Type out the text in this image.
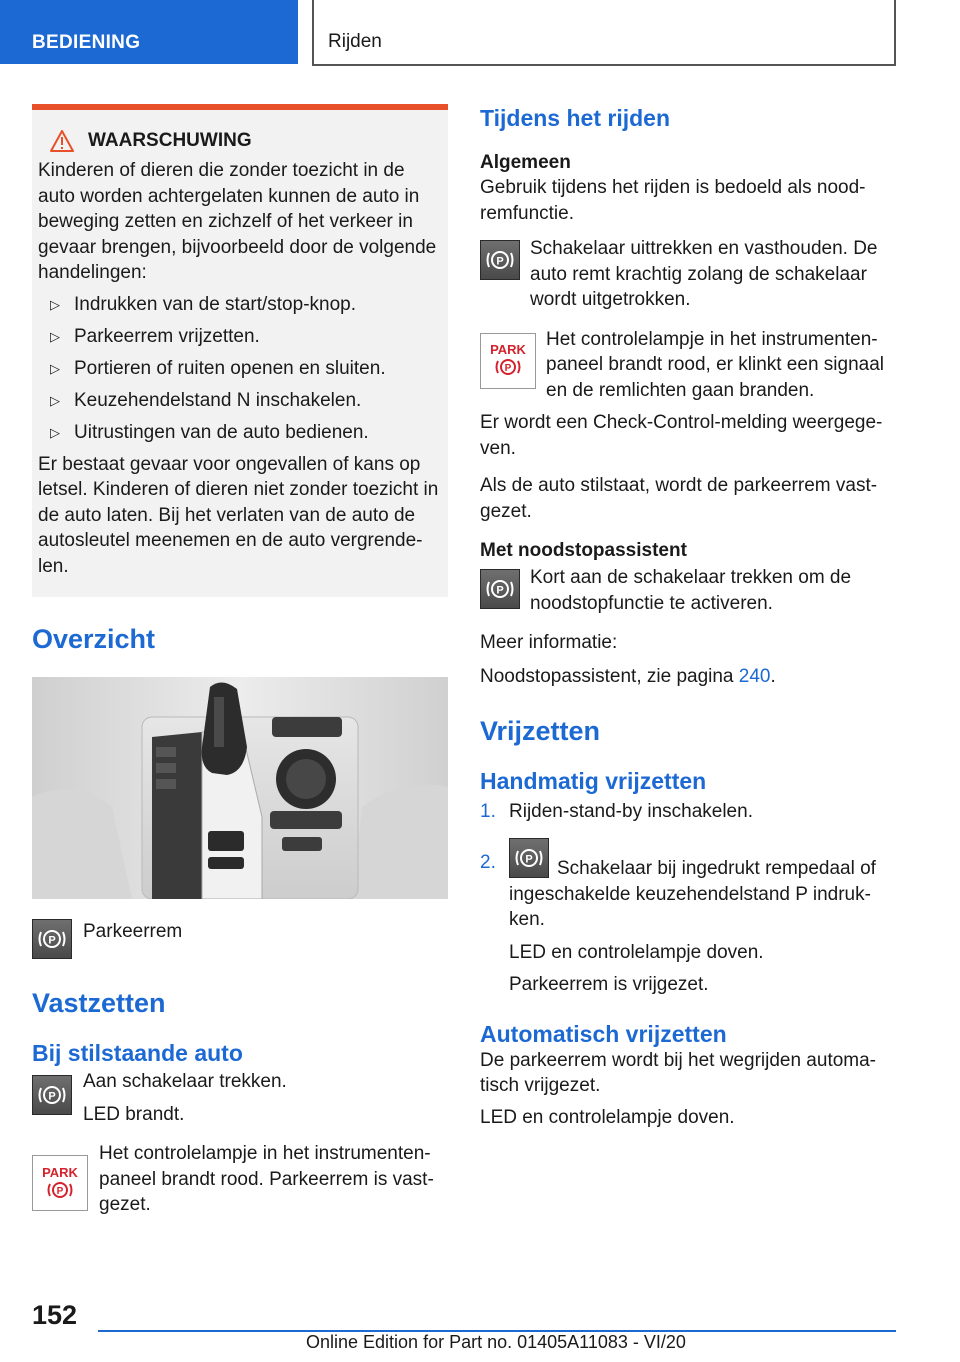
BEDIENING	Rijden
WAARSCHUWING
Kinderen of dieren die zonder toezicht in de auto worden achtergelaten kunnen de auto in beweging zetten en zichzelf of het verkeer in gevaar brengen, bijvoorbeeld door de volgende handelingen:
▷ Indrukken van de start/stop-knop.
▷ Parkeerrem vrijzetten.
▷ Portieren of ruiten openen en sluiten.
▷ Keuzehendelstand N inschakelen.
▷ Uitrustingen van de auto bedienen.
Er bestaat gevaar voor ongevallen of kans op letsel. Kinderen of dieren niet zonder toezicht in de auto laten. Bij het verlaten van de auto de autosleutel meenemen en de auto vergrende-len.
Overzicht
P Parkeerrem
Vastzetten
Bij stilstaande auto
P
Aan schakelaar trekken.
LED brandt.
PARK
P
Het controlelampje in het instrumenten-paneel brandt rood. Parkeerrem is vast-gezet.
Tijdens het rijden
Algemeen
Gebruik tijdens het rijden is bedoeld als nood-remfunctie.
P
Schakelaar uittrekken en vasthouden. De auto remt krachtig zolang de schakelaar wordt uitgetrokken.
PARK
P
Het controlelampje in het instrumenten-paneel brandt rood, er klinkt een signaal en de remlichten gaan branden.
Er wordt een Check-Control-melding weergege-ven.
Als de auto stilstaat, wordt de parkeerrem vast-gezet.
Met noodstopassistent
P
Kort aan de schakelaar trekken om de noodstopfunctie te activeren.
Meer informatie:
Noodstopassistent, zie pagina 240.
Vrijzetten
Handmatig vrijzetten
1. Rijden-stand-by inschakelen.
2.	P	Schakelaar bij ingedrukt rempedaal of ingeschakelde keuzehendelstand P indruk-ken.
LED en controlelampje doven.
Parkeerrem is vrijgezet.
Automatisch vrijzetten
De parkeerrem wordt bij het wegrijden automa-tisch vrijgezet.
LED en controlelampje doven.
152
Online Edition for Part no. 01405A11083 - VI/20
